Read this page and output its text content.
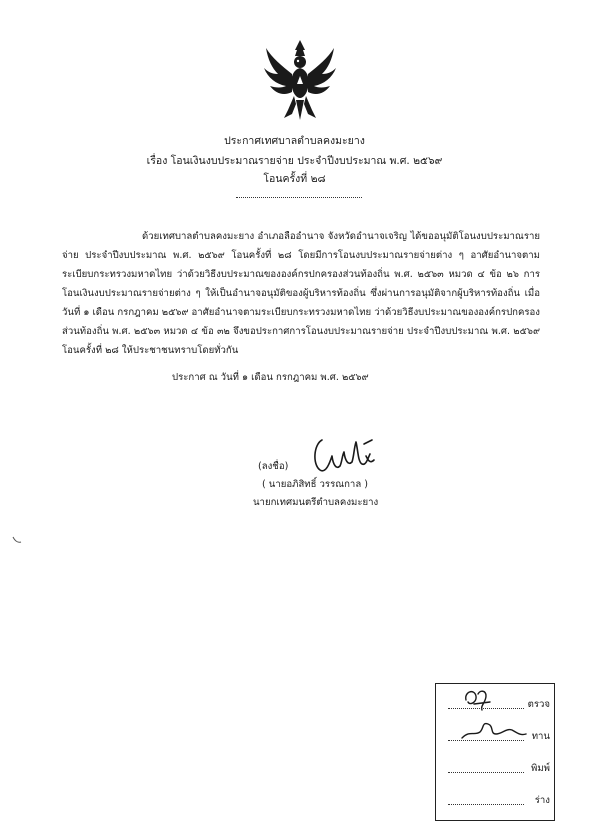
ประกาศเทศบาลตำบลคงมะยาง
เรื่อง โอนเงินงบประมาณรายจ่าย ประจำปีงบประมาณ พ.ศ. ๒๕๖๙
โอนครั้งที่ ๒๘
ด้วยเทศบาลตำบลคงมะยาง อำเภอลืออำนาจ จังหวัดอำนาจเจริญ ได้ขออนุมัติโอนงบประมาณรายจ่าย ประจำปีงบประมาณ พ.ศ. ๒๕๖๙ โอนครั้งที่ ๒๘ โดยมีการโอนงบประมาณรายจ่ายต่าง ๆ อาศัยอำนาจตามระเบียบกระทรวงมหาดไทย ว่าด้วยวิธีงบประมาณขององค์กรปกครองส่วนท้องถิ่น พ.ศ. ๒๕๖๓ หมวด ๔ ข้อ ๒๖ การโอนเงินงบประมาณรายจ่ายต่าง ๆ ให้เป็นอำนาจอนุมัติของผู้บริหารท้องถิ่น ซึ่งผ่านการอนุมัติจากผู้บริหารท้องถิ่น เมื่อวันที่ ๑ เดือน กรกฎาคม ๒๕๖๙ อาศัยอำนาจตามระเบียบกระทรวงมหาดไทย ว่าด้วยวิธีงบประมาณขององค์กรปกครองส่วนท้องถิ่น พ.ศ. ๒๕๖๓ หมวด ๔ ข้อ ๓๒ จึงขอประกาศการโอนงบประมาณรายจ่าย ประจำปีงบประมาณ พ.ศ. ๒๕๖๙ โอนครั้งที่ ๒๘ ให้ประชาชนทราบโดยทั่วกัน
ประกาศ ณ วันที่ ๑ เดือน กรกฎาคม พ.ศ. ๒๕๖๙
(ลงชื่อ)
( นายอภิสิทธิ์ วรรณกาล )
นายกเทศมนตรีตำบลคงมะยาง
ตรวจ
ทาน
พิมพ์
ร่าง
